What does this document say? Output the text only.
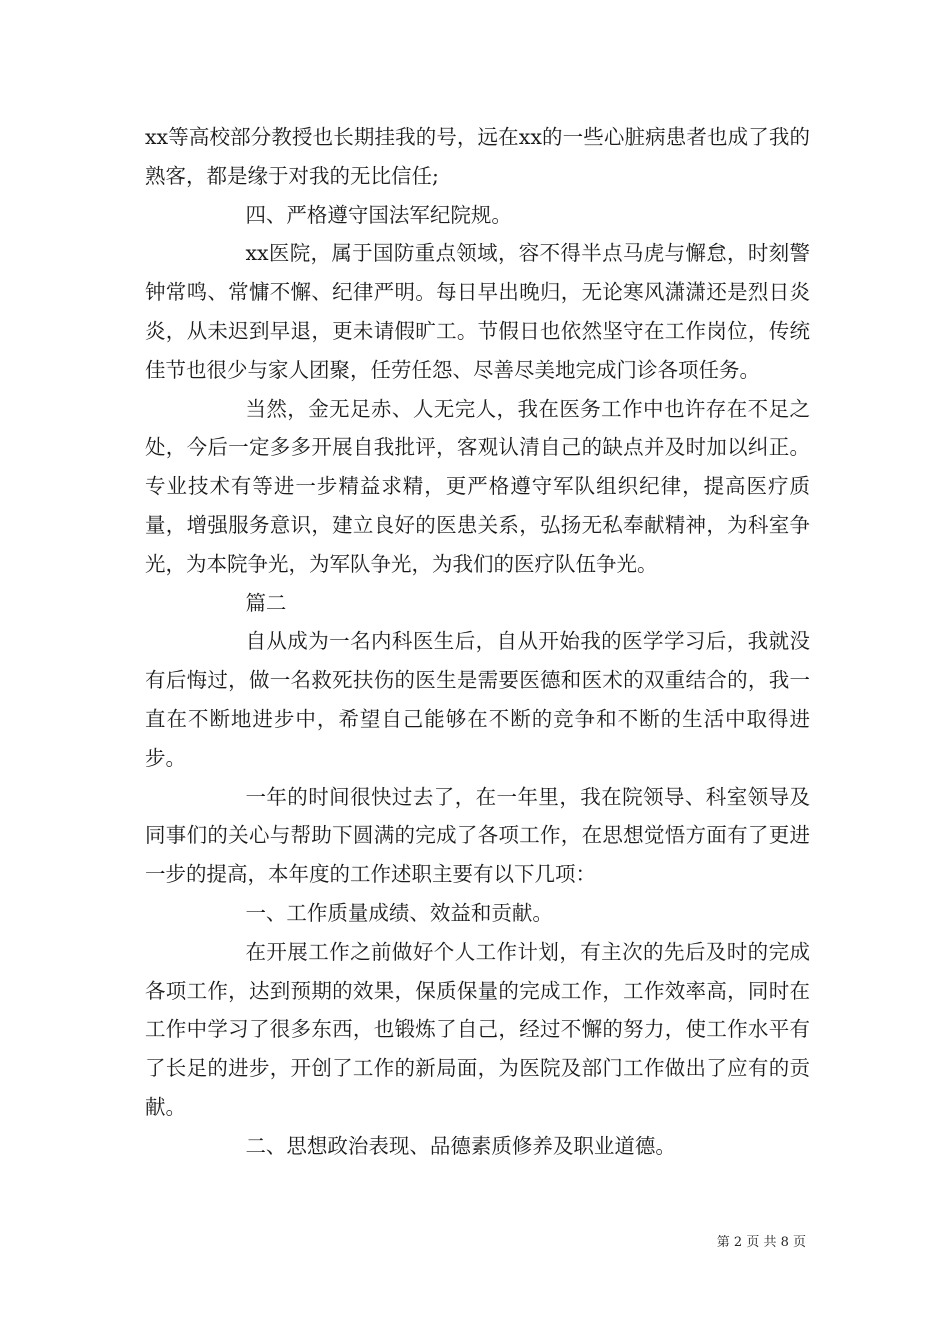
xx等高校部分教授也长期挂我的号，远在xx的一些心脏病患者也成了我的熟客，都是缘于对我的无比信任;

四、严格遵守国法军纪院规。

xx医院，属于国防重点领域，容不得半点马虎与懈怠，时刻警钟常鸣、常慵不懈、纪律严明。每日早出晚归，无论寒风潇潇还是烈日炎炎，从未迟到早退，更未请假旷工。节假日也依然坚守在工作岗位，传统佳节也很少与家人团聚，任劳任怨、尽善尽美地完成门诊各项任务。

当然，金无足赤、人无完人，我在医务工作中也许存在不足之处，今后一定多多开展自我批评，客观认清自己的缺点并及时加以纠正。专业技术有等进一步精益求精，更严格遵守军队组织纪律，提高医疗质量，增强服务意识，建立良好的医患关系，弘扬无私奉献精神，为科室争光，为本院争光，为军队争光，为我们的医疗队伍争光。

篇二

自从成为一名内科医生后，自从开始我的医学学习后，我就没有后悔过，做一名救死扶伤的医生是需要医德和医术的双重结合的，我一直在不断地进步中，希望自己能够在不断的竞争和不断的生活中取得进步。

一年的时间很快过去了，在一年里，我在院领导、科室领导及同事们的关心与帮助下圆满的完成了各项工作，在思想觉悟方面有了更进一步的提高，本年度的工作述职主要有以下几项：

一、工作质量成绩、效益和贡献。

在开展工作之前做好个人工作计划，有主次的先后及时的完成各项工作，达到预期的效果，保质保量的完成工作，工作效率高，同时在工作中学习了很多东西，也锻炼了自己，经过不懈的努力，使工作水平有了长足的进步，开创了工作的新局面，为医院及部门工作做出了应有的贡献。

二、思想政治表现、品德素质修养及职业道德。

第 2 页 共 8 页
